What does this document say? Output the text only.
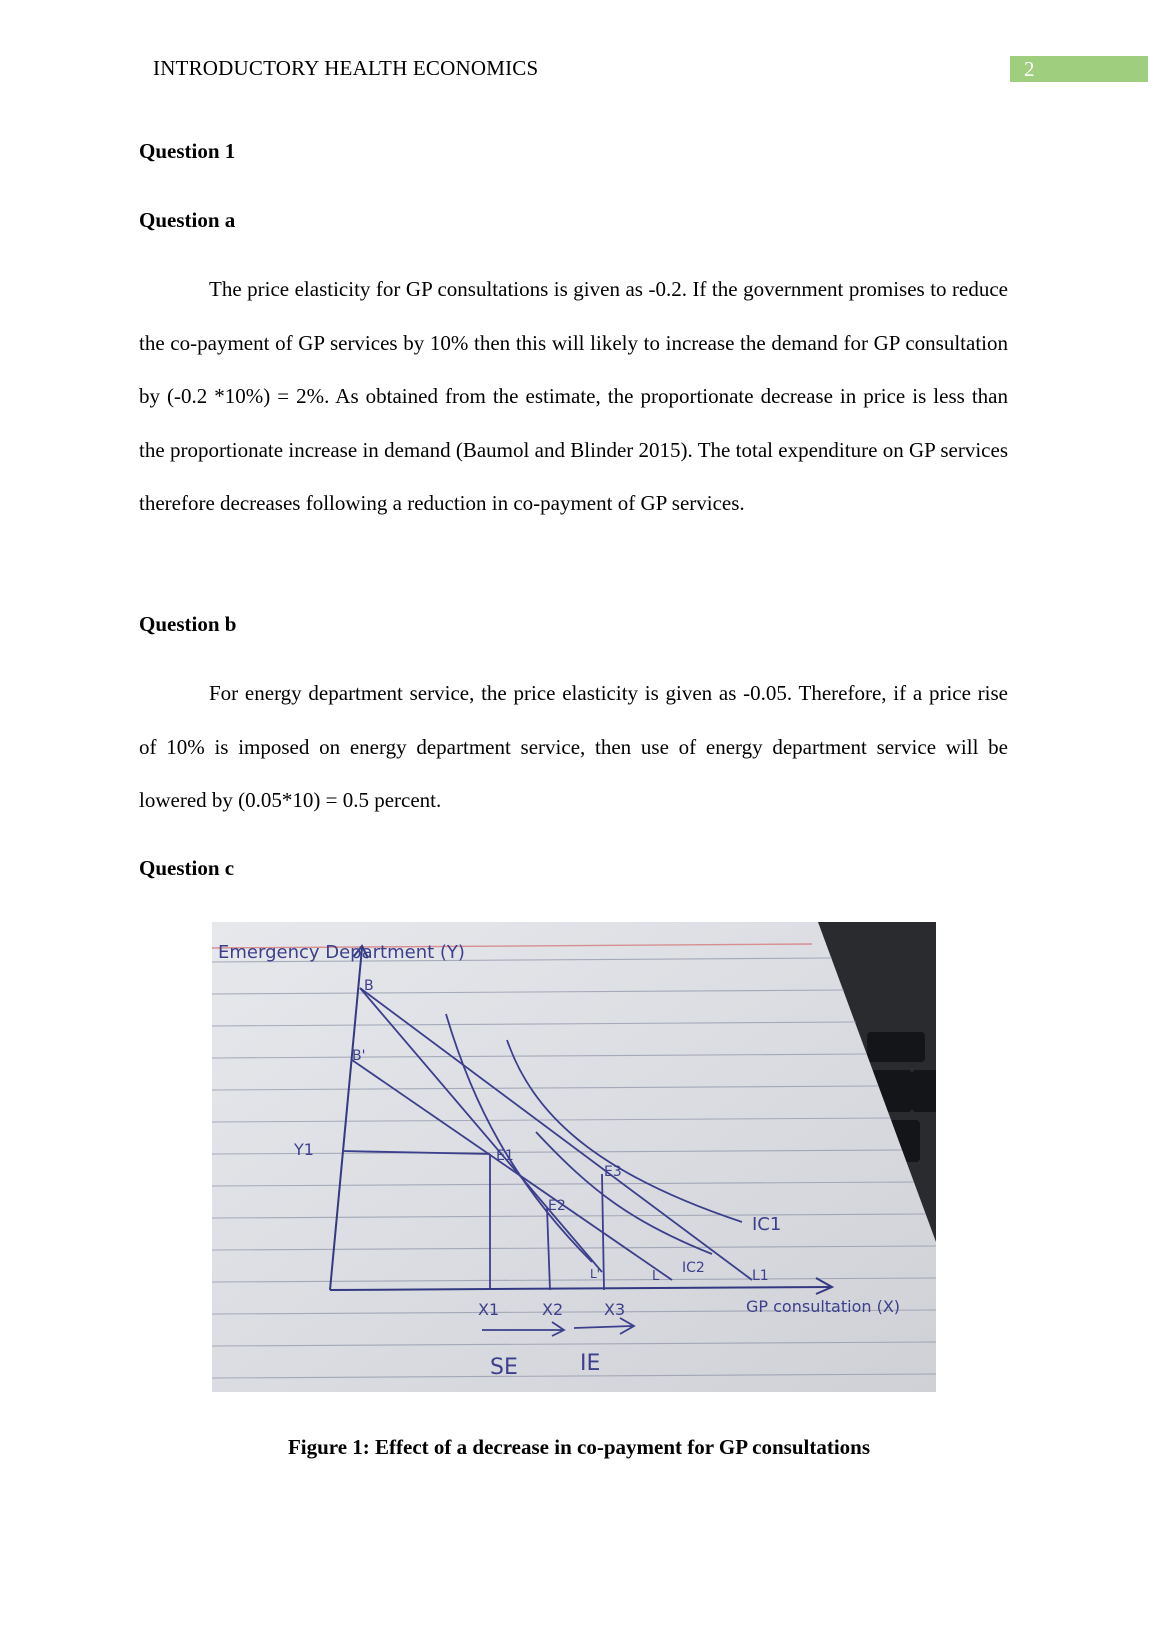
INTRODUCTORY HEALTH ECONOMICS	2
Question 1
Question a

The price elasticity for GP consultations is given as -0.2. If the government promises to reduce the co-payment of GP services by 10% then this will likely to increase the demand for GP consultation by (-0.2 *10%) = 2%. As obtained from the estimate, the proportionate decrease in price is less than the proportionate increase in demand (Baumol and Blinder 2015). The total expenditure on GP services therefore decreases following a reduction in co-payment of GP services.

Question b

For energy department service, the price elasticity is given as -0.05. Therefore, if a price rise of 10% is imposed on energy department service, then use of energy department service will be lowered by (0.05*10) = 0.5 percent.

Question c
Emergency Department (Y)
Y1
B
B'
E1
E2
E3
IC1
IC2
L	L1
L'
X1	X2	X3
SE	IE
GP consultation (X)
Figure 1: Effect of a decrease in co-payment for GP consultations
